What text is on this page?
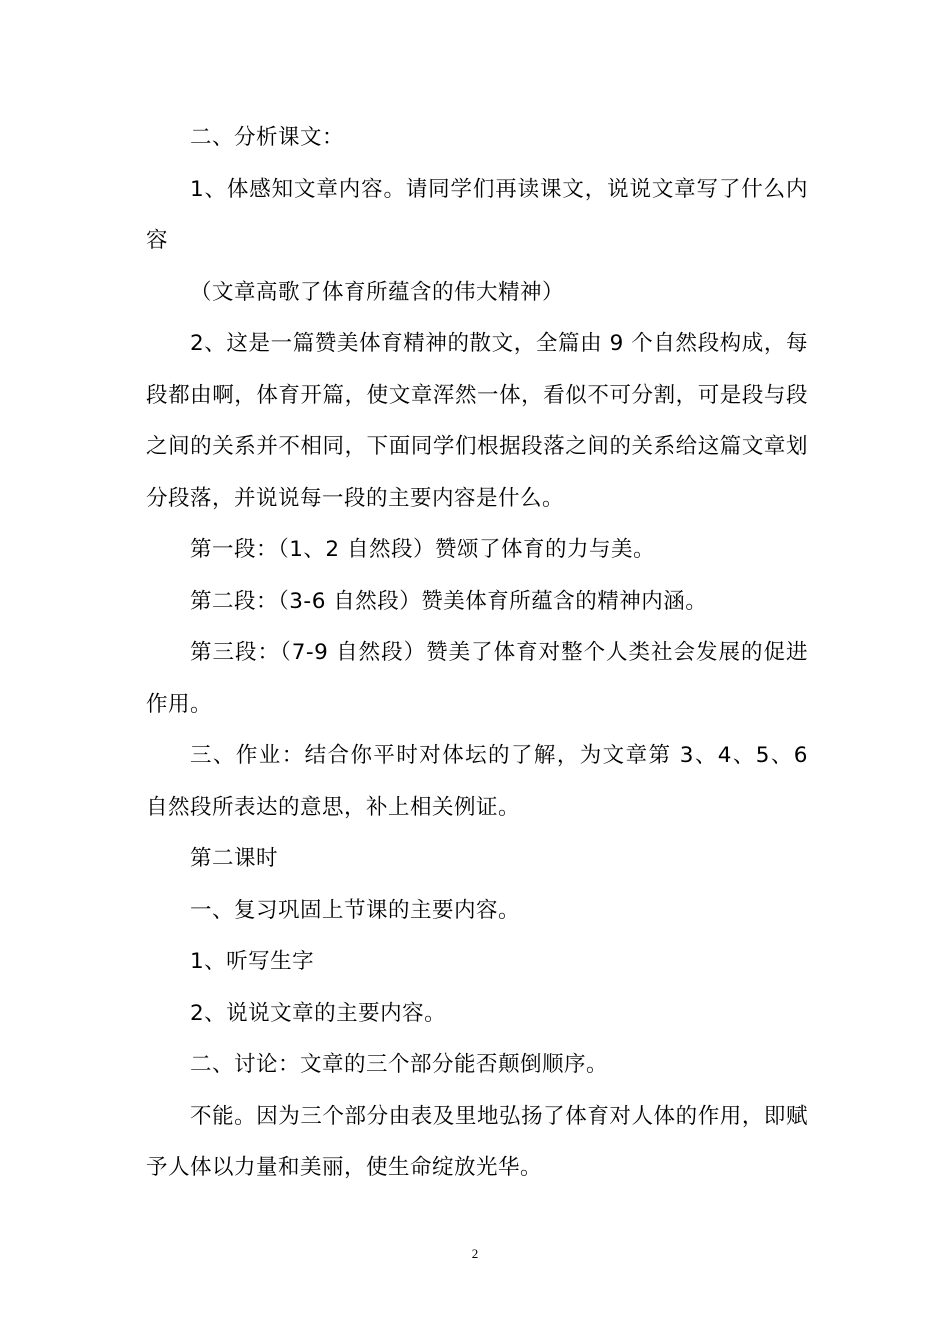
二、分析课文：

1、体感知文章内容。请同学们再读课文，说说文章写了什么内容

（文章高歌了体育所蕴含的伟大精神）

2、这是一篇赞美体育精神的散文，全篇由 9 个自然段构成，每段都由啊，体育开篇，使文章浑然一体，看似不可分割，可是段与段之间的关系并不相同，下面同学们根据段落之间的关系给这篇文章划分段落，并说说每一段的主要内容是什么。

第一段：（1、2 自然段）赞颂了体育的力与美。

第二段：（3-6 自然段）赞美体育所蕴含的精神内涵。

第三段：（7-9 自然段）赞美了体育对整个人类社会发展的促进作用。

三、作业：结合你平时对体坛的了解，为文章第 3、4、5、6 自然段所表达的意思，补上相关例证。

第二课时

一、复习巩固上节课的主要内容。

1、听写生字

2、说说文章的主要内容。

二、讨论：文章的三个部分能否颠倒顺序。

不能。因为三个部分由表及里地弘扬了体育对人体的作用，即赋予人体以力量和美丽，使生命绽放光华。

2
